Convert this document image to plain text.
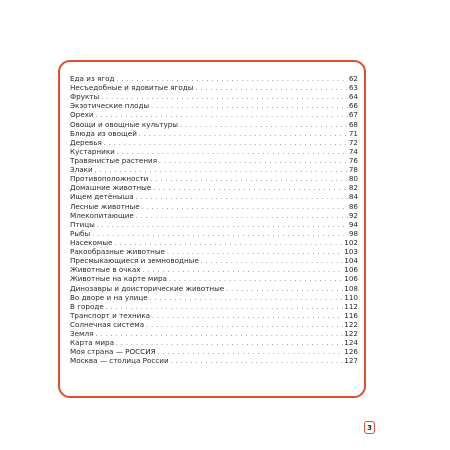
Еда из ягод . . .	62
Несъедобные и ядовитые ягоды . . .	63
Фрукты . . .	64
Экзотические плоды . . .	66
Орехи . . .	67
Овощи и овощные культуры . . .	68
Блюда из овощей . . .	71
Деревья . . .	72
Кустарники . . .	74
Травянистые растения . . .	76
Злаки . . .	78
Противоположности . . .	80
Домашние животные . . .	82
Ищем детёныша . . .	84
Лесные животные . . .	86
Млекопитающие . . .	92
Птицы . . .	94
Рыбы . . .	98
Насекомые . . .	102
Ракообразные животные . . .	103
Пресмыкающиеся и земноводные . . .	104
Животные в очках . . .	106
Животные на карте мира . . .	106
Динозавры и доисторические животные . . .	108
Во дворе и на улице . . .	110
В городе . . .	112
Транспорт и техника . . .	116
Солнечная система . . .	122
Земля . . .	122
Карта мира . . .	124
Моя страна — РОССИЯ . . .	126
Москва — столица России . . .	127
3
